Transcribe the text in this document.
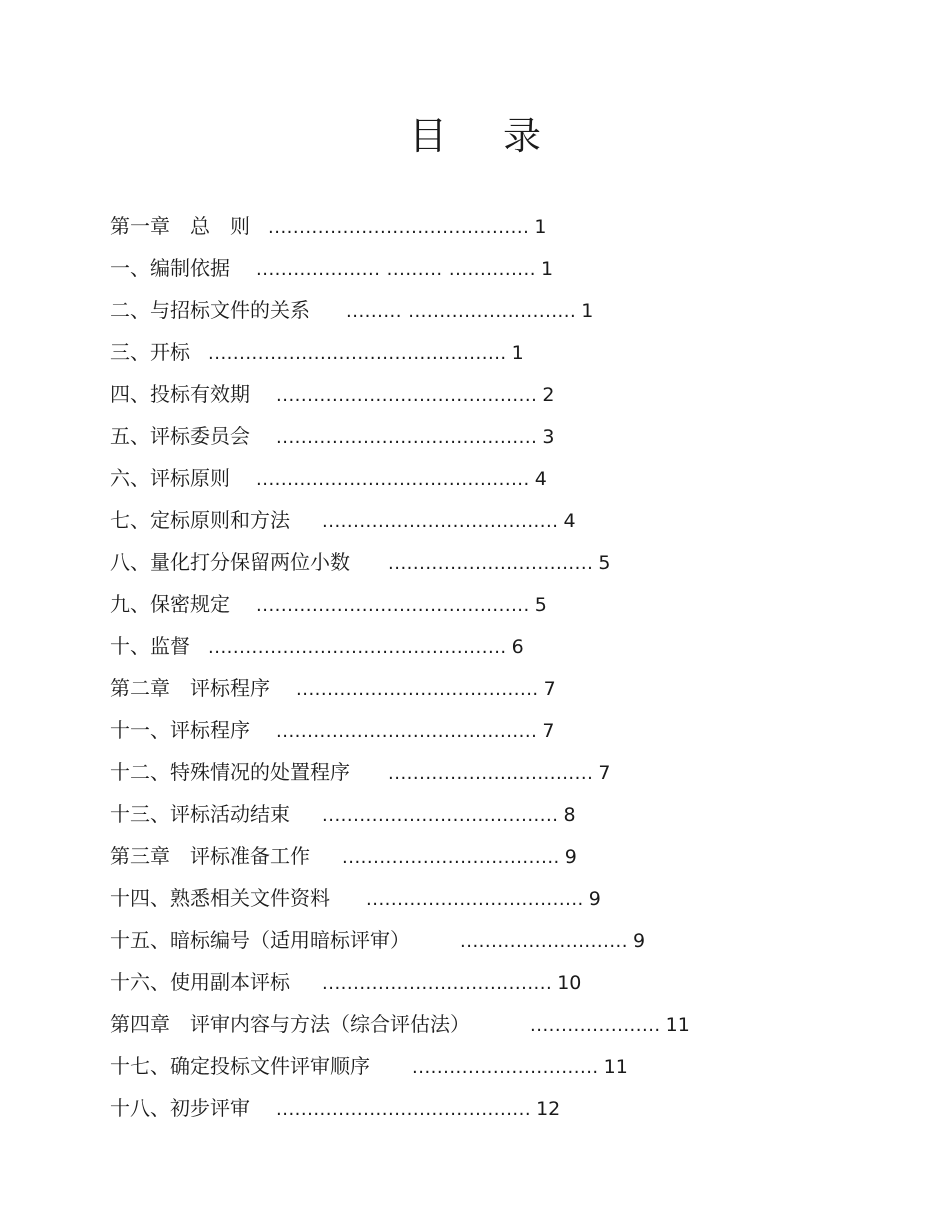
目 录
第一章　总　则 .......................................... 1
一、编制依据 .................... ......... .............. 1
二、与招标文件的关系 ......... ........................... 1
三、开标 ................................................ 1
四、投标有效期 .......................................... 2
五、评标委员会 .......................................... 3
六、评标原则 ............................................ 4
七、定标原则和方法 ...................................... 4
八、量化打分保留两位小数 ................................. 5
九、保密规定 ............................................ 5
十、监督 ................................................ 6
第二章　评标程序 ....................................... 7
十一、评标程序 .......................................... 7
十二、特殊情况的处置程序 ................................. 7
十三、评标活动结束 ...................................... 8
第三章　评标准备工作 ................................... 9
十四、熟悉相关文件资料 ................................... 9
十五、暗标编号（适用暗标评审）	........................... 9
十六、使用副本评标 ..................................... 10
第四章　评审内容与方法（综合评估法）	..................... 11
十七、确定投标文件评审顺序 .............................. 11
十八、初步评审 ......................................... 12
